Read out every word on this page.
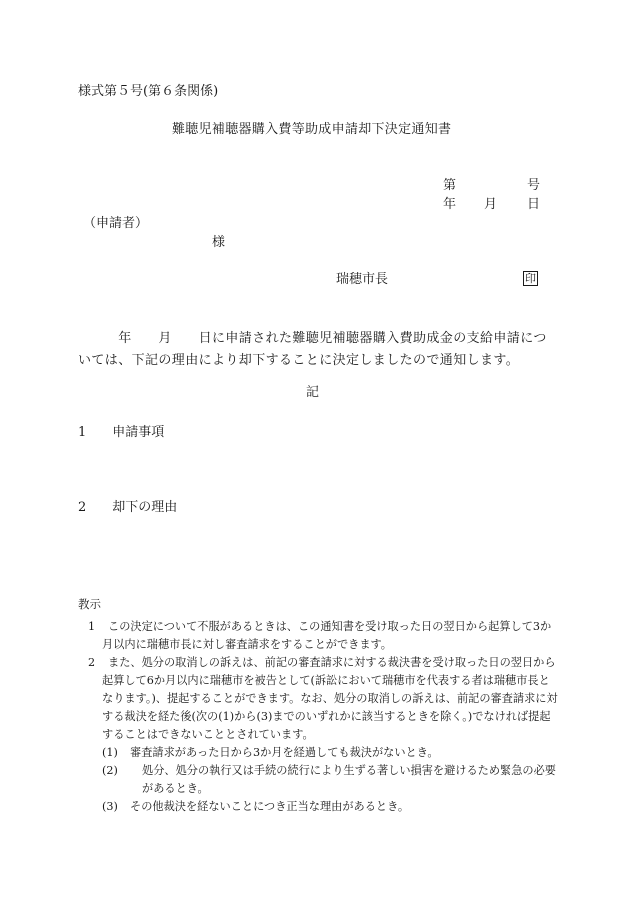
様式第５号(第６条関係)
難聴児補聴器購入費等助成申請却下決定通知書
第	号
年 月 日
（申請者）
様
瑞穂市長	印
　　　年　　月　　日に申請された難聴児補聴器購入費助成金の支給申請につ
いては、下記の理由により却下することに決定しましたので通知します。
記
1　　申請事項
2　　却下の理由
教示
1	この決定について不服があるときは、この通知書を受け取った日の翌日から起算して3か月以内に瑞穂市長に対し審査請求をすることができます。
2	また、処分の取消しの訴えは、前記の審査請求に対する裁決書を受け取った日の翌日から起算して6か月以内に瑞穂市を被告として(訴訟において瑞穂市を代表する者は瑞穂市長となります。)、提起することができます。なお、処分の取消しの訴えは、前記の審査請求に対する裁決を経た後(次の(1)から(3)までのいずれかに該当するときを除く。)でなければ提起することはできないこととされています。
(1)	審査請求があった日から3か月を経過しても裁決がないとき。
(2)	処分、処分の執行又は手続の続行により生ずる著しい損害を避けるため緊急の必要があるとき。
(3)	その他裁決を経ないことにつき正当な理由があるとき。
